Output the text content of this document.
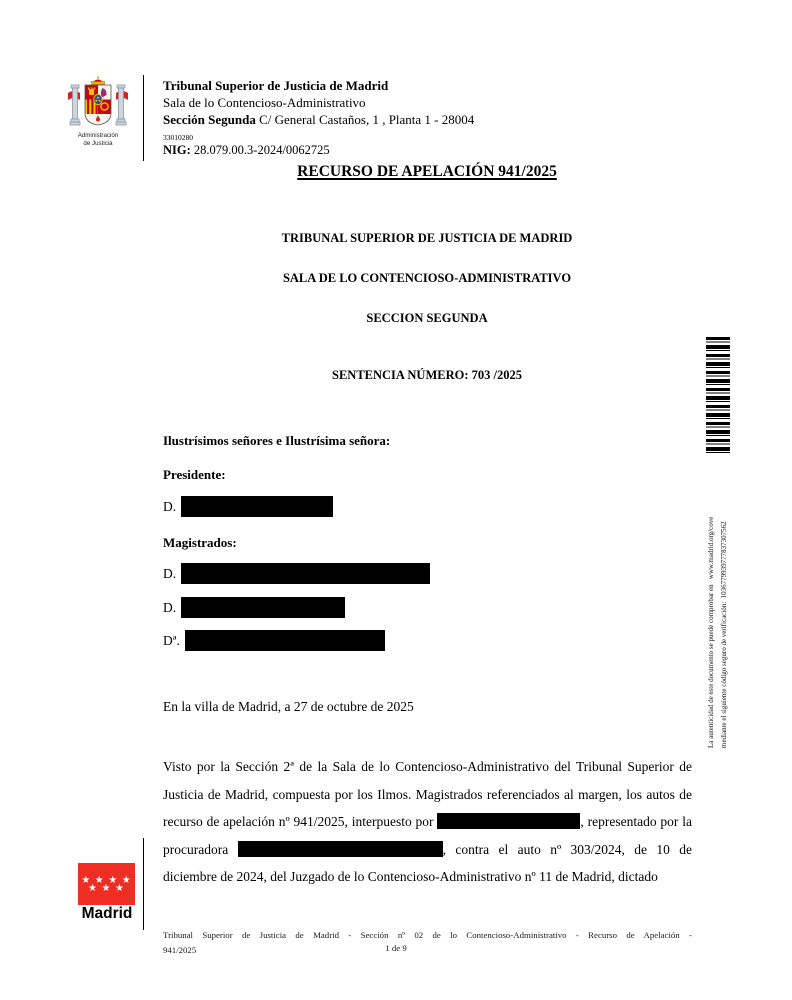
Administración
de Justicia
Tribunal Superior de Justicia de Madrid
Sala de lo Contencioso-Administrativo
Sección Segunda C/ General Castaños, 1 , Planta 1 - 28004
33010280
NIG: 28.079.00.3-2024/0062725
RECURSO DE APELACIÓN 941/2025
TRIBUNAL SUPERIOR DE JUSTICIA DE MADRID
SALA DE LO CONTENCIOSO-ADMINISTRATIVO
SECCION SEGUNDA
SENTENCIA NÚMERO: 703 /2025
Ilustrísimos señores e Ilustrísima señora:
Presidente:
D.
Magistrados:
D.
D.
Dª.
En la villa de Madrid, a 27 de octubre de 2025
Visto por la Sección 2ª de la Sala de lo Contencioso-Administrativo del Tribunal Superior de Justicia de Madrid, compuesta por los Ilmos. Magistrados referenciados al margen, los autos de recurso de apelación nº 941/2025, interpuesto por	, representado por la procuradora	, contra el auto nº 303/2024, de 10 de diciembre de 2024, del Juzgado de lo Contencioso-Administrativo nº 11 de Madrid, dictado
La autenticidad de este documento se puede comprobar en   www.madrid.org/cove mediante el siguiente código seguro de verificación:  1036779939777837307562
★ ★ ★ ★
★ ★ ★
Madrid
Tribunal Superior de Justicia de Madrid - Sección nº 02 de lo Contencioso-Administrativo - Recurso de Apelación -
941/2025	1 de 9
